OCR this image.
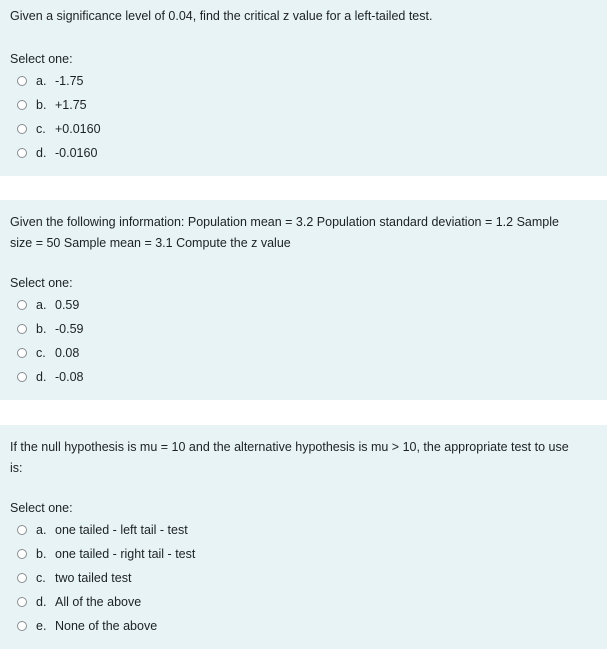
Given a significance level of 0.04, find the critical z value for a left-tailed test.
Select one:
a. -1.75
b. +1.75
c. +0.0160
d. -0.0160
Given the following information: Population mean = 3.2 Population standard deviation = 1.2 Sample size = 50 Sample mean = 3.1 Compute the z value
Select one:
a. 0.59
b. -0.59
c. 0.08
d. -0.08
If the null hypothesis is mu = 10 and the alternative hypothesis is mu > 10, the appropriate test to use is:
Select one:
a. one tailed - left tail - test
b. one tailed - right tail - test
c. two tailed test
d. All of the above
e. None of the above
